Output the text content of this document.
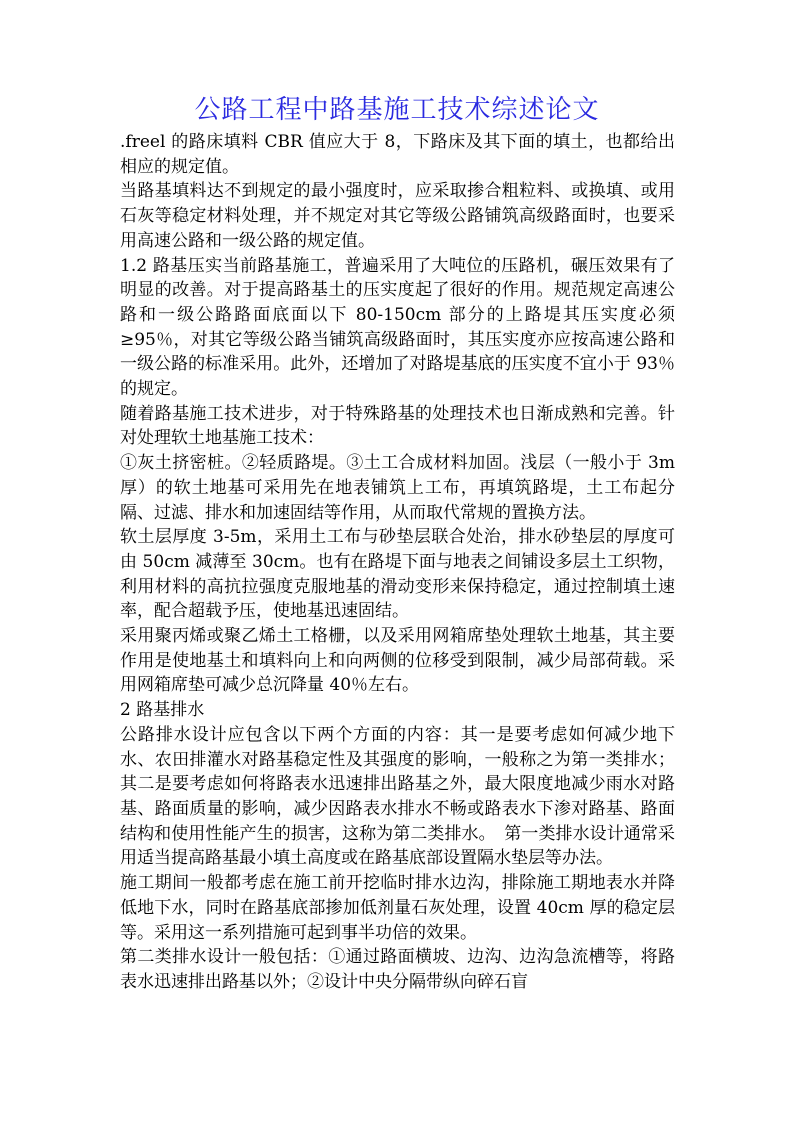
公路工程中路基施工技术综述论文

.freel 的路床填料 CBR 值应大于 8，下路床及其下面的填土，也都给出相应的规定值。

当路基填料达不到规定的最小强度时，应采取掺合粗粒料、或换填、或用石灰等稳定材料处理，并不规定对其它等级公路铺筑高级路面时，也要采用高速公路和一级公路的规定值。

1.2 路基压实当前路基施工，普遍采用了大吨位的压路机，碾压效果有了明显的改善。对于提高路基土的压实度起了很好的作用。规范规定高速公路和一级公路路面底面以下 80-150cm 部分的上路堤其压实度必须≥95％，对其它等级公路当铺筑高级路面时，其压实度亦应按高速公路和一级公路的标准采用。此外，还增加了对路堤基底的压实度不宜小于 93％的规定。

随着路基施工技术进步，对于特殊路基的处理技术也日渐成熟和完善。针对处理软土地基施工技术：

①灰土挤密桩。②轻质路堤。③土工合成材料加固。浅层（一般小于 3m 厚）的软土地基可采用先在地表铺筑上工布，再填筑路堤，土工布起分隔、过滤、排水和加速固结等作用，从而取代常规的置换方法。

软土层厚度 3-5m，采用土工布与砂垫层联合处治，排水砂垫层的厚度可由 50cm 减薄至 30cm。也有在路堤下面与地表之间铺设多层土工织物，利用材料的高抗拉强度克服地基的滑动变形来保持稳定，通过控制填土速率，配合超载予压，使地基迅速固结。

采用聚丙烯或聚乙烯土工格栅，以及采用网箱席垫处理软土地基，其主要作用是使地基土和填料向上和向两侧的位移受到限制，减少局部荷载。采用网箱席垫可减少总沉降量 40％左右。

2 路基排水

公路排水设计应包含以下两个方面的内容：其一是要考虑如何减少地下水、农田排灌水对路基稳定性及其强度的影响，一般称之为第一类排水；其二是要考虑如何将路表水迅速排出路基之外，最大限度地减少雨水对路基、路面质量的影响，减少因路表水排水不畅或路表水下渗对路基、路面结构和使用性能产生的损害，这称为第二类排水。　第一类排水设计通常采用适当提高路基最小填土高度或在路基底部设置隔水垫层等办法。

施工期间一般都考虑在施工前开挖临时排水边沟，排除施工期地表水并降低地下水，同时在路基底部掺加低剂量石灰处理，设置 40cm 厚的稳定层等。采用这一系列措施可起到事半功倍的效果。

第二类排水设计一般包括：①通过路面横坡、边沟、边沟急流槽等，将路表水迅速排出路基以外；②设计中央分隔带纵向碎石盲
